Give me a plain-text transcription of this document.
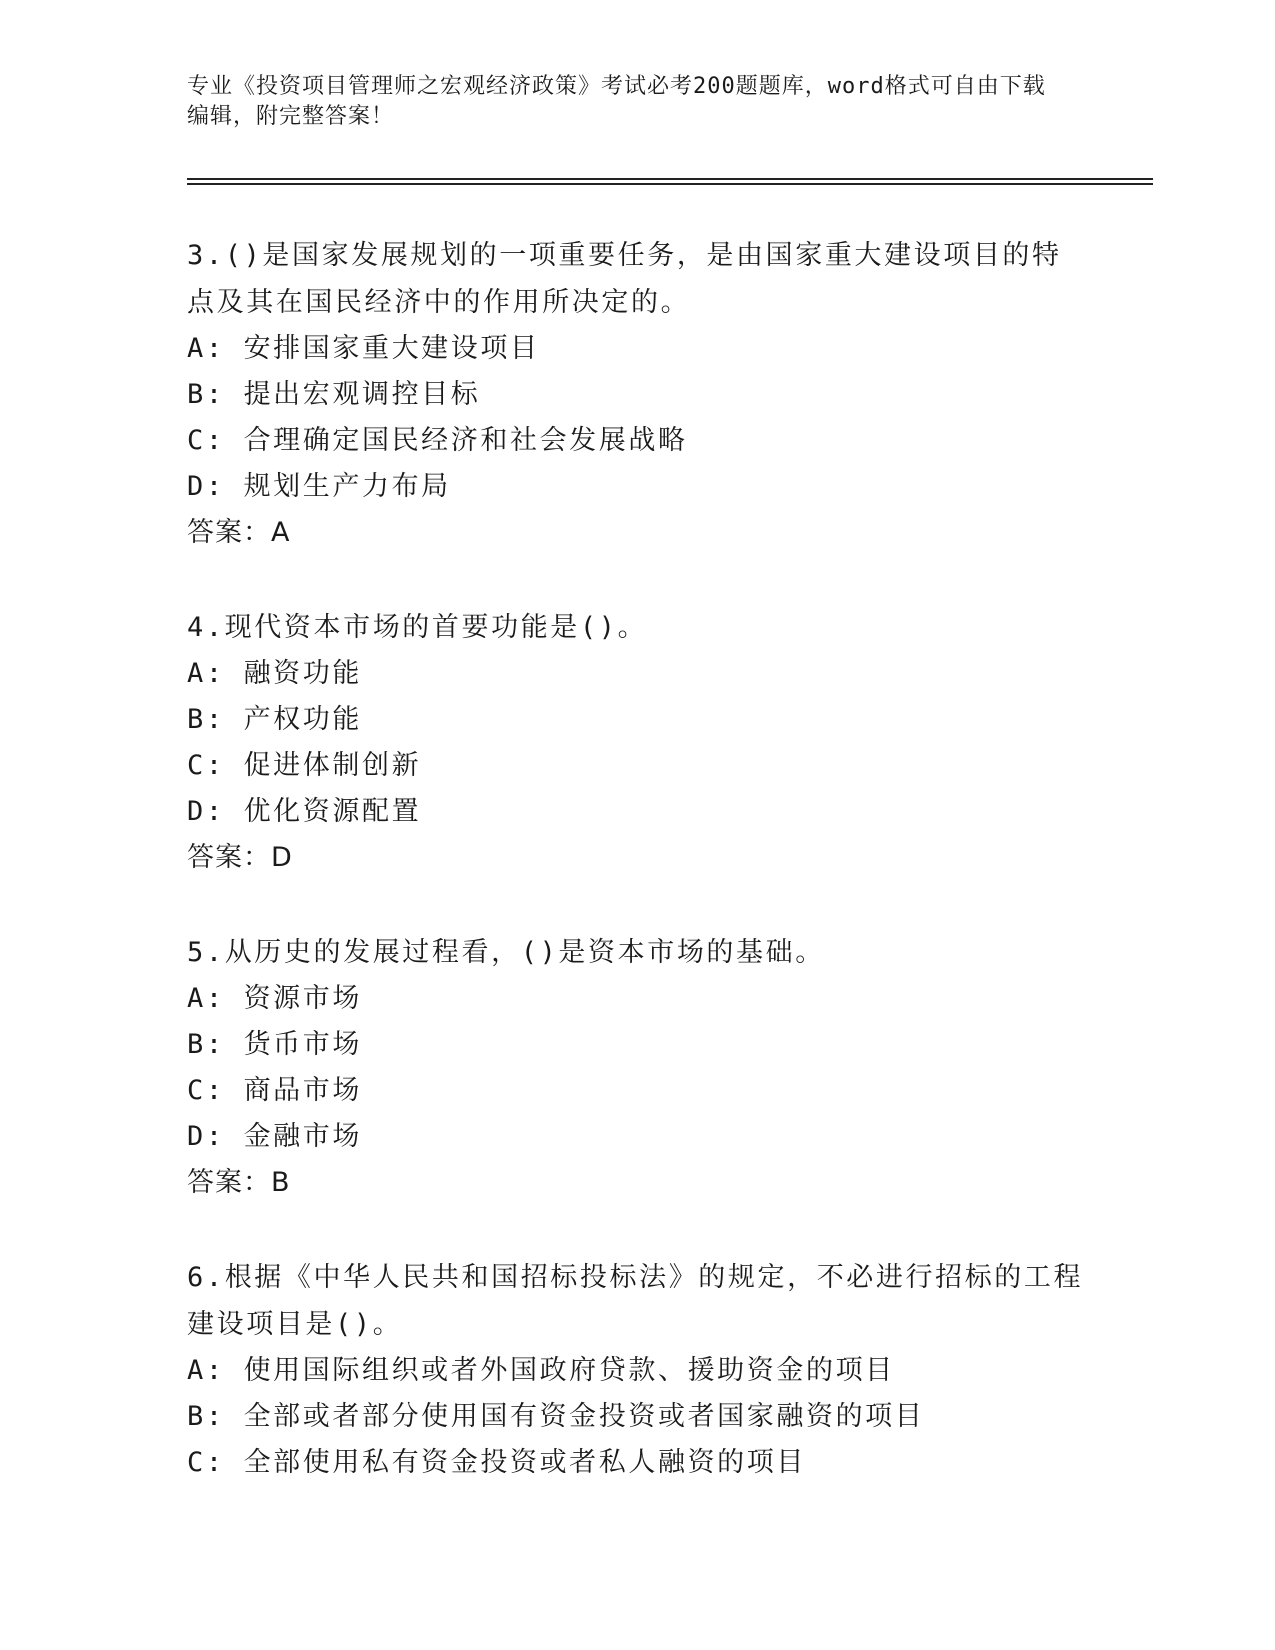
专业《投资项目管理师之宏观经济政策》考试必考200题题库，word格式可自由下载编辑，附完整答案！
3.()是国家发展规划的一项重要任务，是由国家重大建设项目的特点及其在国民经济中的作用所决定的。
A: 安排国家重大建设项目
B: 提出宏观调控目标
C: 合理确定国民经济和社会发展战略
D: 规划生产力布局
答案：A
4.现代资本市场的首要功能是()。
A: 融资功能
B: 产权功能
C: 促进体制创新
D: 优化资源配置
答案：D
5.从历史的发展过程看，()是资本市场的基础。
A: 资源市场
B: 货币市场
C: 商品市场
D: 金融市场
答案：B
6.根据《中华人民共和国招标投标法》的规定，不必进行招标的工程建设项目是()。
A: 使用国际组织或者外国政府贷款、援助资金的项目
B: 全部或者部分使用国有资金投资或者国家融资的项目
C: 全部使用私有资金投资或者私人融资的项目
